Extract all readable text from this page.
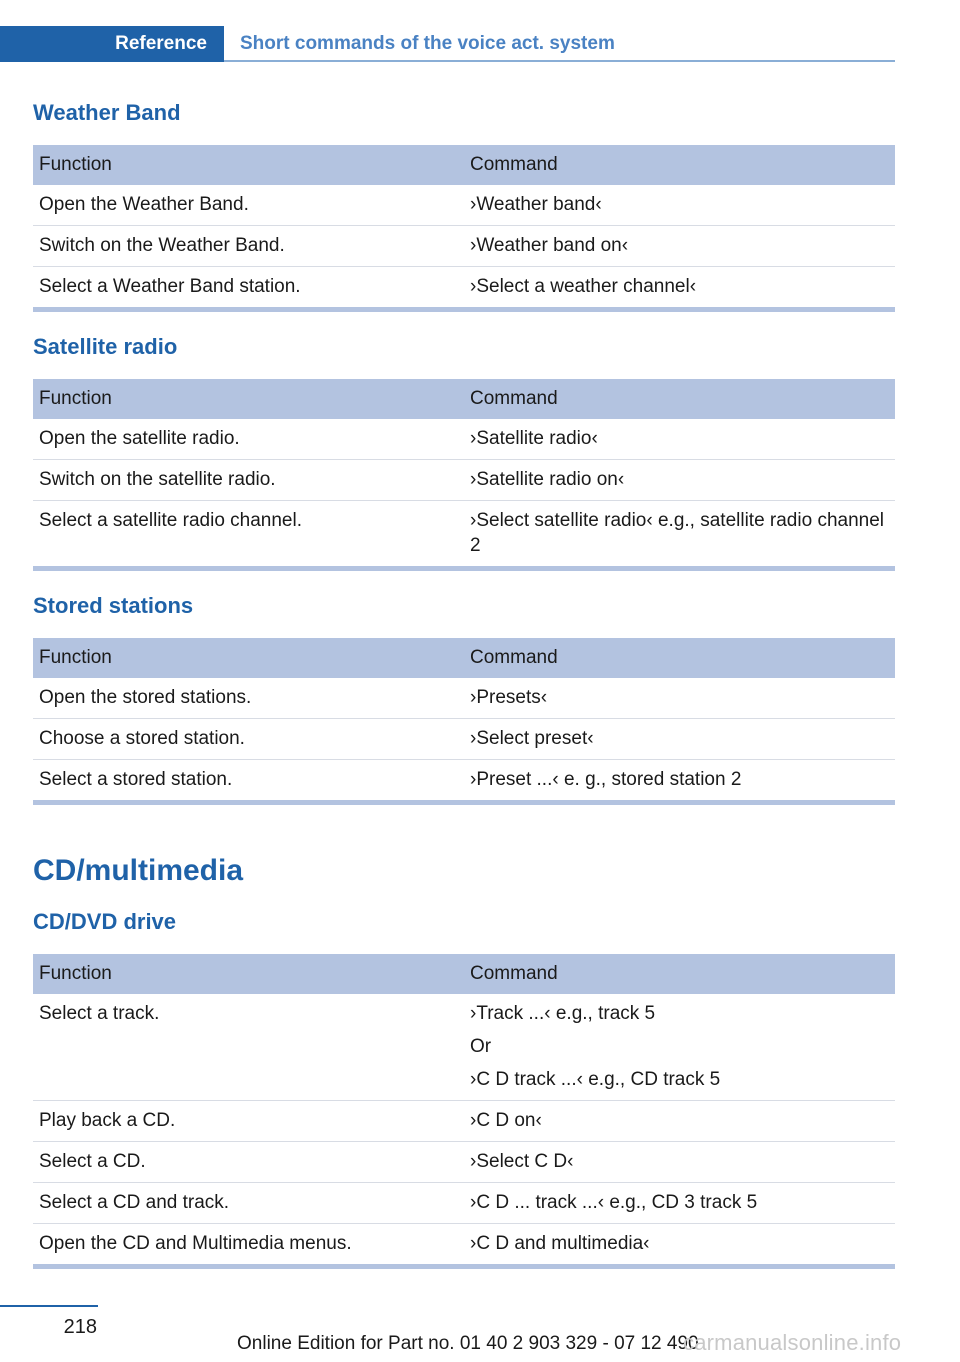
Reference	Short commands of the voice act. system
Weather Band
Function	Command
Open the Weather Band.	›Weather band‹
Switch on the Weather Band.	›Weather band on‹
Select a Weather Band station.	›Select a weather channel‹
Satellite radio
Function	Command
Open the satellite radio.	›Satellite radio‹
Switch on the satellite radio.	›Satellite radio on‹
Select a satellite radio channel.	›Select satellite radio‹ e.g., satellite radio channel 2
Stored stations
Function	Command
Open the stored stations.	›Presets‹
Choose a stored station.	›Select preset‹
Select a stored station.	›Preset ...‹ e. g., stored station 2
CD/multimedia
CD/DVD drive
Function	Command
Select a track.	›Track ...‹ e.g., track 5
Or
›C D track ...‹ e.g., CD track 5

Play back a CD.	›C D on‹
Select a CD.	›Select C D‹
Select a CD and track.	›C D ... track ...‹ e.g., CD 3 track 5
Open the CD and Multimedia menus.	›C D and multimedia‹
218
Online Edition for Part no. 01 40 2 903 329 - 07 12 490
carmanualsonline.info
